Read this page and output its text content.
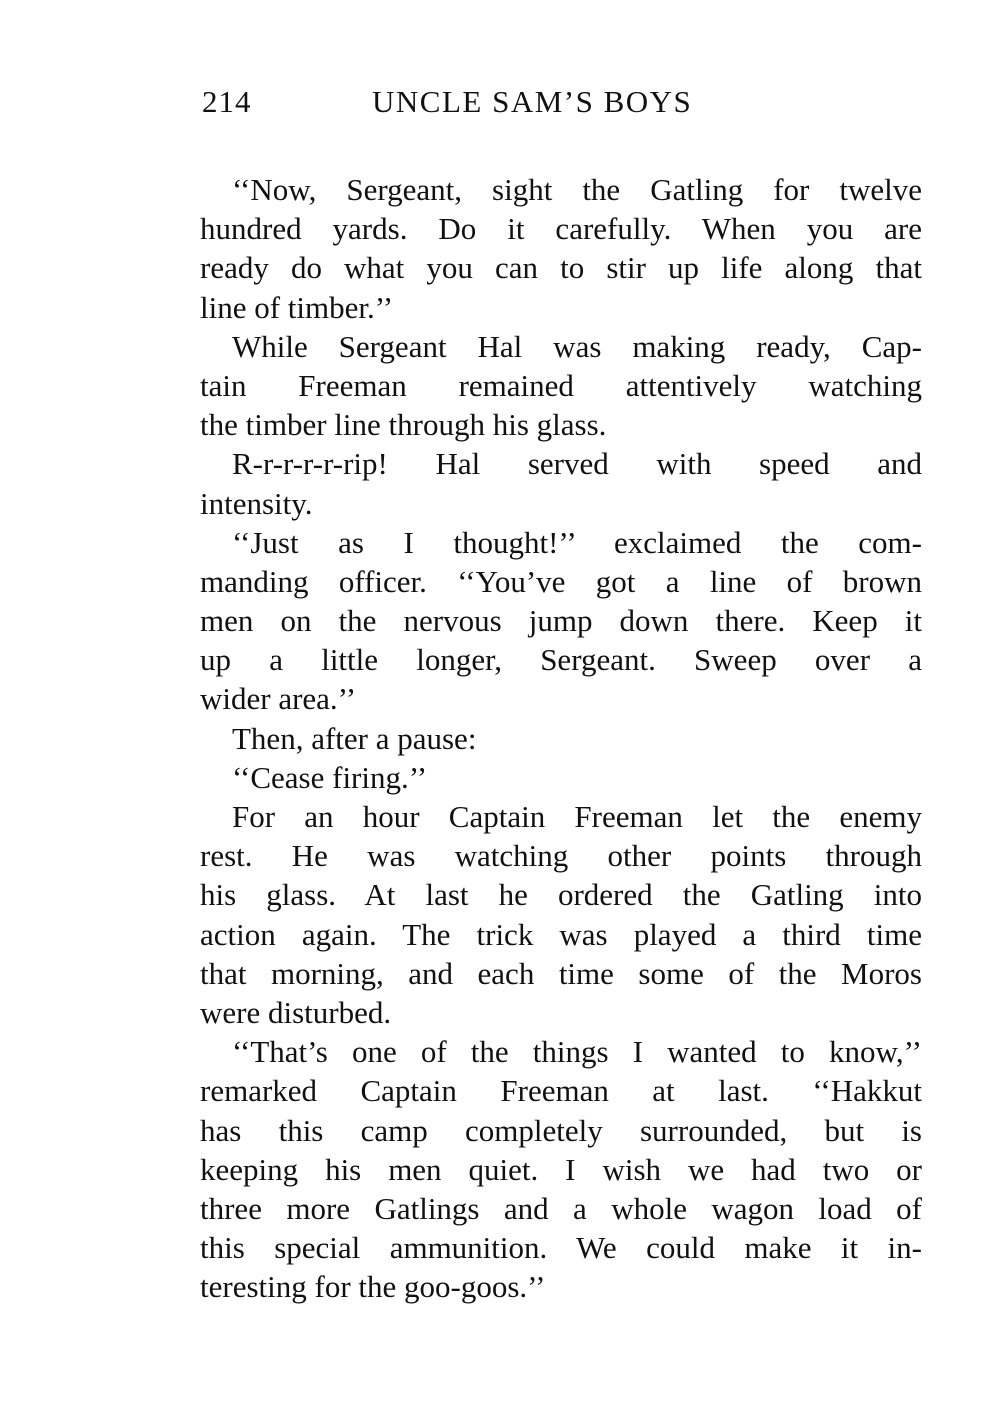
214	UNCLE SAM’S BOYS
‘‘Now, Sergeant, sight the Gatling for twelve
hundred yards. Do it carefully. When you are
ready do what you can to stir up life along that
line of timber.’’
While Sergeant Hal was making ready, Cap-
tain Freeman remained attentively watching
the timber line through his glass.
R-r-r-r-r-rip! Hal served with speed and
intensity.
‘‘Just as I thought!’’ exclaimed the com-
manding officer. ‘‘You’ve got a line of brown
men on the nervous jump down there. Keep it
up a little longer, Sergeant. Sweep over a
wider area.’’
Then, after a pause:
‘‘Cease firing.’’
For an hour Captain Freeman let the enemy
rest. He was watching other points through
his glass. At last he ordered the Gatling into
action again. The trick was played a third time
that morning, and each time some of the Moros
were disturbed.
‘‘That’s one of the things I wanted to know,’’
remarked Captain Freeman at last. ‘‘Hakkut
has this camp completely surrounded, but is
keeping his men quiet. I wish we had two or
three more Gatlings and a whole wagon load of
this special ammunition. We could make it in-
teresting for the goo-goos.’’
